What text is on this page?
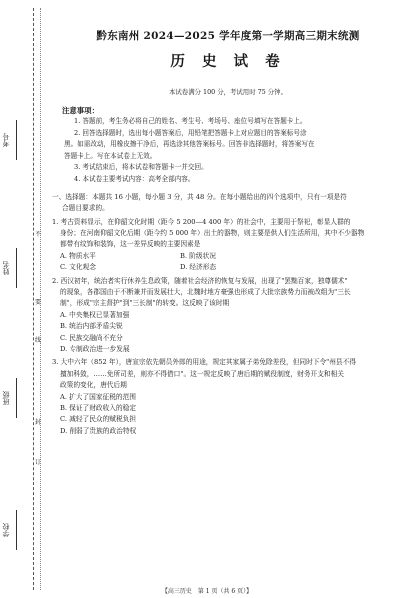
考号
姓名
班级
学校
不
要
线
封
订
黔东南州 2024—2025 学年度第一学期高三期末统测
历 史 试 卷
本试卷满分 100 分，考试用时 75 分钟。
注意事项：
1. 答题前，考生务必将自己的姓名、考生号、考场号、座位号填写在答题卡上。
2. 回答选择题时，选出每小题答案后，用铅笔把答题卡上对应题目的答案标号涂
黑。如需改动，用橡皮擦干净后，再选涂其他答案标号。回答非选择题时，将答案写在
答题卡上。写在本试卷上无效。
3. 考试结束后，将本试卷和答题卡一并交回。
4. 本试卷主要考试内容：高考全部内容。
一、选择题：本题共 16 小题，每小题 3 分，共 48 分。在每小题给出的四个选项中，只有一项是符
合题目要求的。
1. 考古资料显示，在仰韶文化时期（距今 5 200—4 400 年）的社会中，主要用于祭祀，彰显人群的
身份；在河南仰韶文化后期（距今约 5 000 年）出土的器物，则主要是供人们生活所用，其中不少器物
都带有纹饰和装饰，这一差异反映的主要因素是
A. 物质水平	B. 阶级状况
C. 文化观念	D. 经济形态
2. 西汉初年，统治者实行休养生息政策，随着社会经济的恢复与发展，出现了"罢黜百家，独尊儒术"
的现象，各郡国由于不断兼并而发展壮大，北魏时地方豪强也形成了大批宗族势力而被改组为"三长
制"，形成"宗主督护"到"三长制"的转变。这反映了该时期
A. 中央集权已显著加强
B. 统治内部矛盾尖锐
C. 民族交融尚不充分
D. 专制政治进一步发展
3. 大中六年（852 年），唐宣宗依先朝员外郎的用途，规定其家属子弟免除差役，但同时下令"州县不得
擅加科敛，……免所司差，则亦不得借口"。这一规定反映了唐后期的赋役制度，财务开支和相关
政策的变化，唐代后期
A. 扩大了国家征税的范围
B. 保证了财政收入的稳定
C. 减轻了民众的赋税负担
D. 削弱了贵族的政治特权
【高三历史　第 1 页（共 6 页）】
